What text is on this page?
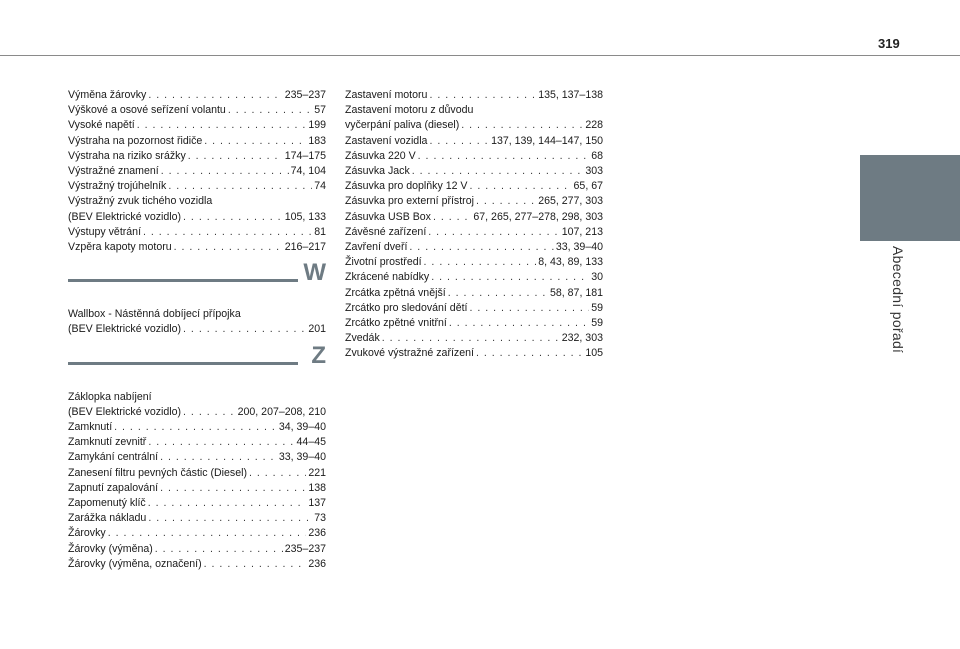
319
Abecední pořadí
Výměna žárovky . . .	235–237
Výškové a osové seřízení volantu . . .	57
Vysoké napětí . . .	199
Výstraha na pozornost řidiče . . .	183
Výstraha na riziko srážky . . .	174–175
Výstražné znamení . . .	74, 104
Výstražný trojúhelník . . .	74
Výstražný zvuk tichého vozidla
(BEV Elektrické vozidlo) . . .	105, 133
Výstupy větrání . . .	81
Vzpěra kapoty motoru . . .	216–217
W
Wallbox - Nástěnná dobíjecí přípojka
(BEV Elektrické vozidlo) . . .	201
Z
Záklopka nabíjení
(BEV Elektrické vozidlo) . . .	200, 207–208, 210
Zamknutí . . .	34, 39–40
Zamknutí zevnitř . . .	44–45
Zamykání centrální . . .	33, 39–40
Zanesení filtru pevných částic (Diesel) . . .	221
Zapnutí zapalování . . .	138
Zapomenutý klíč . . .	137
Zarážka nákladu . . .	73
Žárovky . . .	236
Žárovky (výměna) . . .	235–237
Žárovky (výměna, označení) . . .	236
Zastavení motoru . . .	135, 137–138
Zastavení motoru z důvodu
vyčerpání paliva (diesel) . . .	228
Zastavení vozidla . . .	137, 139, 144–147, 150
Zásuvka 220 V . . .	68
Zásuvka Jack . . .	303
Zásuvka pro doplňky 12 V . . .	65, 67
Zásuvka pro externí přístroj . . .	265, 277, 303
Zásuvka USB Box . . .	67, 265, 277–278, 298, 303
Závěsné zařízení . . .	107, 213
Zavření dveří . . .	33, 39–40
Životní prostředí . . .	8, 43, 89, 133
Zkrácené nabídky . . .	30
Zrcátka zpětná vnější . . .	58, 87, 181
Zrcátko pro sledování dětí . . .	59
Zrcátko zpětné vnitřní . . .	59
Zvedák . . .	232, 303
Zvukové výstražné zařízení . . .	105
